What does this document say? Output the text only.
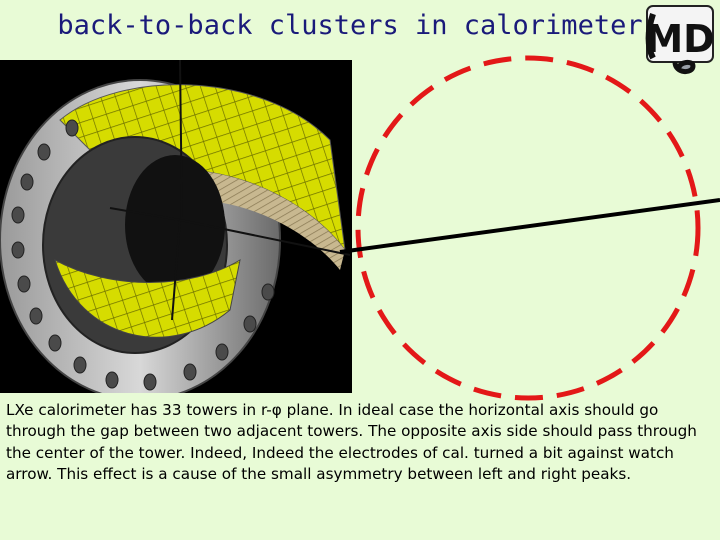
back-to-back clusters in calorimeter MD
LXe calorimeter has 33 towers in r-φ plane. In ideal case the horizontal axis should go through the gap between two adjacent towers. The opposite axis side should pass through the center of the tower. Indeed, Indeed the electrodes of cal. turned a bit against watch arrow. This effect is a cause of the small asymmetry between left and right peaks.
